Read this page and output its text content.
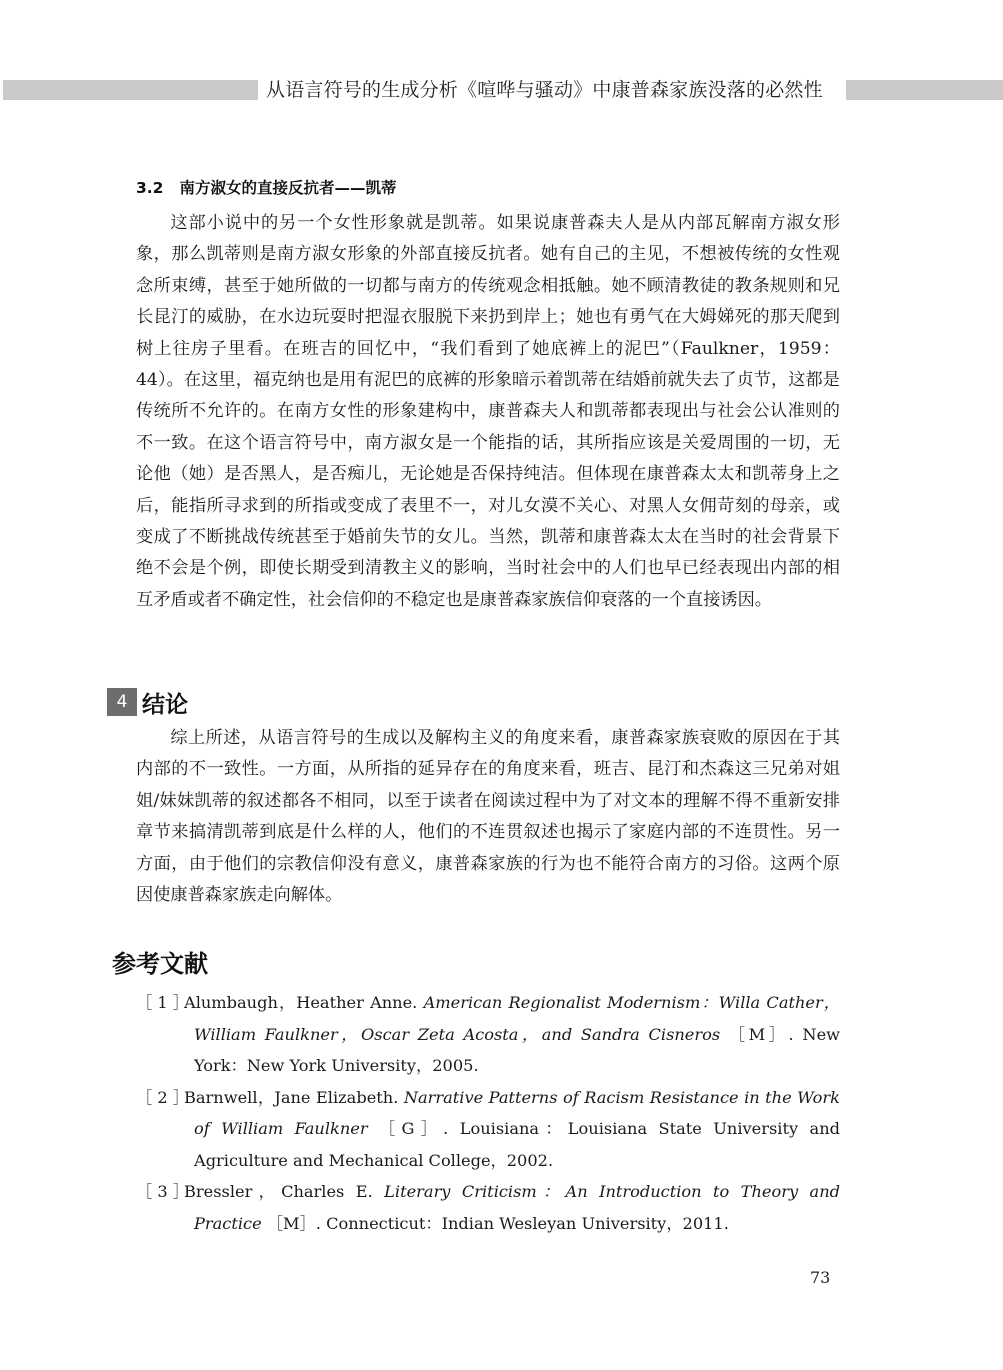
从语言符号的生成分析《喧哗与骚动》中康普森家族没落的必然性
3.2 南方淑女的直接反抗者——凯蒂

这部小说中的另一个女性形象就是凯蒂。如果说康普森夫人是从内部瓦解南方淑女形象，那么凯蒂则是南方淑女形象的外部直接反抗者。她有自己的主见，不想被传统的女性观念所束缚，甚至于她所做的一切都与南方的传统观念相抵触。她不顾清教徒的教条规则和兄长昆汀的威胁，在水边玩耍时把湿衣服脱下来扔到岸上；她也有勇气在大姆娣死的那天爬到树上往房子里看。在班吉的回忆中，“我们看到了她底裤上的泥巴”（Faulkner，1959：44）。在这里，福克纳也是用有泥巴的底裤的形象暗示着凯蒂在结婚前就失去了贞节，这都是传统所不允许的。在南方女性的形象建构中，康普森夫人和凯蒂都表现出与社会公认准则的不一致。在这个语言符号中，南方淑女是一个能指的话，其所指应该是关爱周围的一切，无论他（她）是否黑人，是否痴儿，无论她是否保持纯洁。但体现在康普森太太和凯蒂身上之后，能指所寻求到的所指或变成了表里不一，对儿女漠不关心、对黑人女佣苛刻的母亲，或变成了不断挑战传统甚至于婚前失节的女儿。当然，凯蒂和康普森太太在当时的社会背景下绝不会是个例，即使长期受到清教主义的影响，当时社会中的人们也早已经表现出内部的相互矛盾或者不确定性，社会信仰的不稳定也是康普森家族信仰衰落的一个直接诱因。

4 结论

综上所述，从语言符号的生成以及解构主义的角度来看，康普森家族衰败的原因在于其内部的不一致性。一方面，从所指的延异存在的角度来看，班吉、昆汀和杰森这三兄弟对姐姐/妹妹凯蒂的叙述都各不相同，以至于读者在阅读过程中为了对文本的理解不得不重新安排章节来搞清凯蒂到底是什么样的人，他们的不连贯叙述也揭示了家庭内部的不连贯性。另一方面，由于他们的宗教信仰没有意义，康普森家族的行为也不能符合南方的习俗。这两个原因使康普森家族走向解体。

参考文献
［ 1 ］Alumbaugh，Heather Anne. American Regionalist Modernism：Willa Cather，William Faulkner，Oscar Zeta Acosta，and Sandra Cisneros ［M］. New York：New York University，2005.
［ 2 ］Barnwell，Jane Elizabeth. Narrative Patterns of Racism Resistance in the Work of William Faulkner ［G］. Louisiana：Louisiana State University and Agriculture and Mechanical College，2002.
［ 3 ］Bressler，Charles E. Literary Criticism：An Introduction to Theory and Practice ［M］. Connecticut：Indian Wesleyan University，2011.
73
